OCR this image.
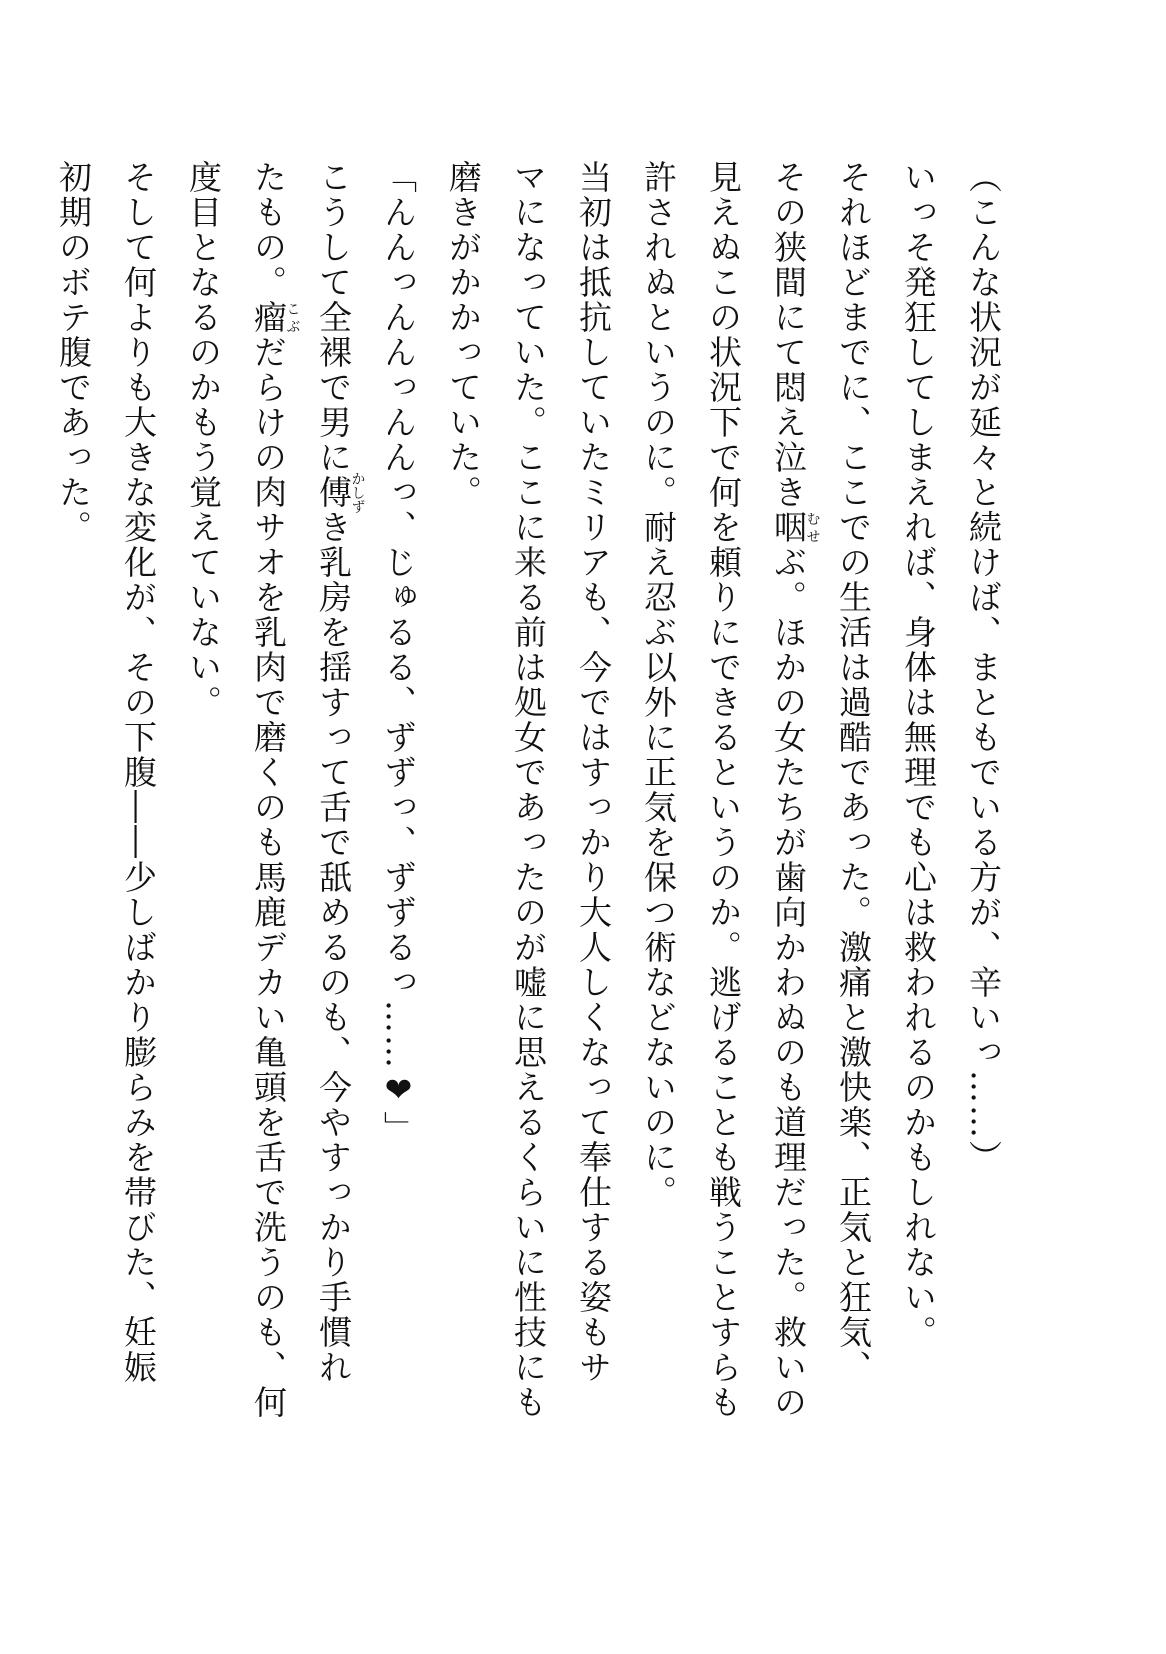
（こんな状況が延々と続けば、まともでいる方が、辛いっ……）
いっそ発狂してしまえれば、身体は無理でも心は救われるのかもしれない。
それほどまでに、ここでの生活は過酷であった。激痛と激快楽、正気と狂気、
その狭間にて悶え泣き咽むせぶ。ほかの女たちが歯向かわぬのも道理だった。救いの
見えぬこの状況下で何を頼りにできるというのか。逃げることも戦うことすらも
許されぬというのに。耐え忍ぶ以外に正気を保つ術などないのに。
当初は抵抗していたミリアも、今ではすっかり大人しくなって奉仕する姿もサ
マになっていた。ここに来る前は処女であったのが嘘に思えるくらいに性技にも
磨きがかかっていた。
「んんっんんっんんっ、じゅるる、ずずっ、ずずるっ……❤」
こうして全裸で男に傅かしずき乳房を揺すって舌で舐めるのも、今やすっかり手慣れ
たもの。瘤こぶだらけの肉サオを乳肉で磨くのも馬鹿デカい亀頭を舌で洗うのも、何
度目となるのかもう覚えていない。
そして何よりも大きな変化が、その下腹――少しばかり膨らみを帯びた、妊娠
初期のボテ腹であった。
